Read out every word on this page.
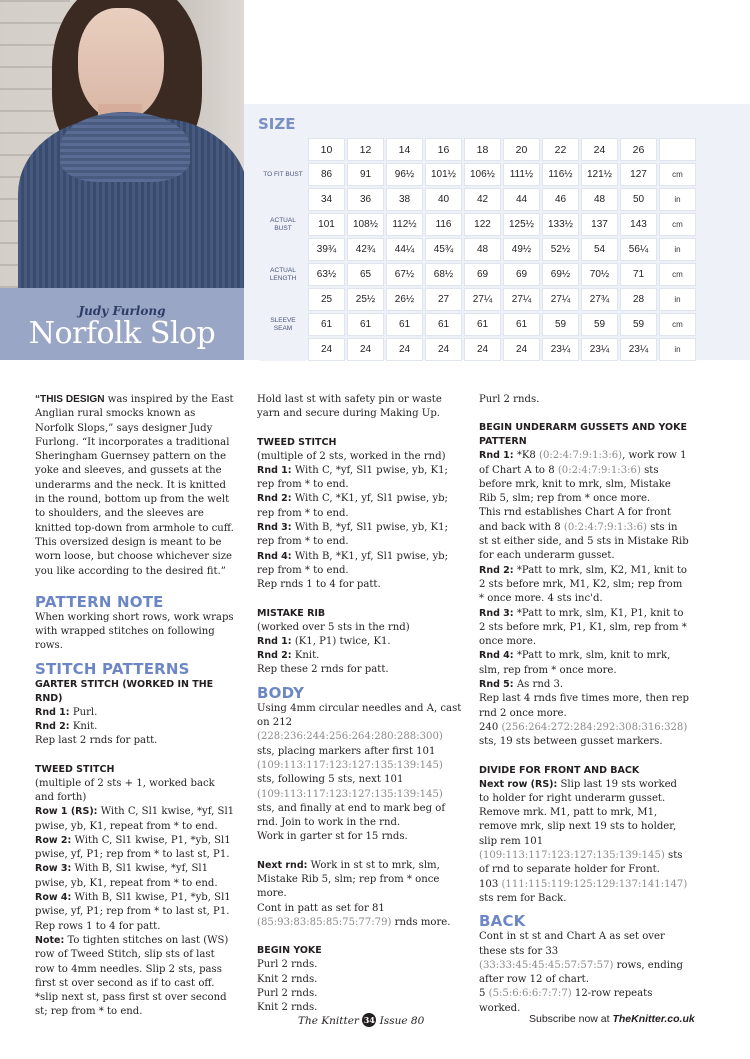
Judy Furlong
Norfolk Slop
SIZE
	10	12	14	16	18	20	22	24	26	
TO FIT BUST	86	91	96½	101½	106½	111½	116½	121½	127	cm
	34	36	38	40	42	44	46	48	50	in
ACTUAL BUST	101	108½	112½	116	122	125½	133½	137	143	cm
	39¾	42¾	44¼	45¾	48	49½	52½	54	56¼	in
ACTUAL LENGTH	63½	65	67½	68½	69	69	69½	70½	71	cm
	25	25½	26½	27	27¼	27¼	27¼	27¾	28	in
SLEEVE SEAM	61	61	61	61	61	61	59	59	59	cm
	24	24	24	24	24	24	23¼	23¼	23¼	in

“THIS DESIGN was inspired by the East Anglian rural smocks known as Norfolk Slops,” says designer Judy Furlong. “It incorporates a traditional Sheringham Guernsey pattern on the yoke and sleeves, and gussets at the underarms and the neck. It is knitted in the round, bottom up from the welt to shoulders, and the sleeves are knitted top-down from armhole to cuff. This oversized design is meant to be worn loose, but choose whichever size you like according to the desired fit.”

PATTERN NOTE

When working short rows, work wraps with wrapped stitches on following rows.

STITCH PATTERNS
GARTER STITCH (WORKED IN THE RND)

Rnd 1: Purl.

Rnd 2: Knit.

Rep last 2 rnds for patt.

TWEED STITCH

(multiple of 2 sts + 1, worked back and forth)

Row 1 (RS): With C, Sl1 kwise, *yf, Sl1 pwise, yb, K1, repeat from * to end.

Row 2: With C, Sl1 kwise, P1, *yb, Sl1 pwise, yf, P1; rep from * to last st, P1.

Row 3: With B, Sl1 kwise, *yf, Sl1 pwise, yb, K1, repeat from * to end.

Row 4: With B, Sl1 kwise, P1, *yb, Sl1 pwise, yf, P1; rep from * to last st, P1.

Rep rows 1 to 4 for patt.

Note: To tighten stitches on last (WS) row of Tweed Stitch, slip sts of last row to 4mm needles. Slip 2 sts, pass first st over second as if to cast off. *slip next st, pass first st over second st; rep from * to end.

Hold last st with safety pin or waste yarn and secure during Making Up.

TWEED STITCH

(multiple of 2 sts, worked in the rnd)

Rnd 1: With C, *yf, Sl1 pwise, yb, K1; rep from * to end.

Rnd 2: With C, *K1, yf, Sl1 pwise, yb; rep from * to end.

Rnd 3: With B, *yf, Sl1 pwise, yb, K1; rep from * to end.

Rnd 4: With B, *K1, yf, Sl1 pwise, yb; rep from * to end.

Rep rnds 1 to 4 for patt.

MISTAKE RIB

(worked over 5 sts in the rnd)

Rnd 1: (K1, P1) twice, K1.

Rnd 2: Knit.

Rep these 2 rnds for patt.

BODY

Using 4mm circular needles and A, cast on 212 (228:236:244:256:264:280:288:300) sts, placing markers after first 101 (109:113:117:123:127:135:139:145) sts, following 5 sts, next 101 (109:113:117:123:127:135:139:145) sts, and finally at end to mark beg of rnd. Join to work in the rnd.

Work in garter st for 15 rnds.

Next rnd: Work in st st to mrk, slm, Mistake Rib 5, slm; rep from * once more.

Cont in patt as set for 81 (85:93:83:85:85:75:77:79) rnds more.

BEGIN YOKE

Purl 2 rnds.

Knit 2 rnds.

Purl 2 rnds.

Knit 2 rnds.

Purl 2 rnds.

BEGIN UNDERARM GUSSETS AND YOKE PATTERN

Rnd 1: *K8 (0:2:4:7:9:1:3:6), work row 1 of Chart A to 8 (0:2:4:7:9:1:3:6) sts before mrk, knit to mrk, slm, Mistake Rib 5, slm; rep from * once more.

This rnd establishes Chart A for front and back with 8 (0:2:4:7:9:1:3:6) sts in st st either side, and 5 sts in Mistake Rib for each underarm gusset.

Rnd 2: *Patt to mrk, slm, K2, M1, knit to 2 sts before mrk, M1, K2, slm; rep from * once more. 4 sts inc'd.

Rnd 3: *Patt to mrk, slm, K1, P1, knit to 2 sts before mrk, P1, K1, slm, rep from * once more.

Rnd 4: *Patt to mrk, slm, knit to mrk, slm, rep from * once more.

Rnd 5: As rnd 3.

Rep last 4 rnds five times more, then rep rnd 2 once more.

240 (256:264:272:284:292:308:316:328) sts, 19 sts between gusset markers.

DIVIDE FOR FRONT AND BACK

Next row (RS): Slip last 19 sts worked to holder for right underarm gusset. Remove mrk. M1, patt to mrk, M1, remove mrk, slip next 19 sts to holder, slip rem 101 (109:113:117:123:127:135:139:145) sts of rnd to separate holder for Front.

103 (111:115:119:125:129:137:141:147) sts rem for Back.

BACK

Cont in st st and Chart A as set over these sts for 33 (33:33:45:45:45:57:57:57) rows, ending after row 12 of chart.

5 (5:5:6:6:6:7:7:7) 12-row repeats worked.

The Knitter 34 Issue 80	Subscribe now at TheKnitter.co.uk
